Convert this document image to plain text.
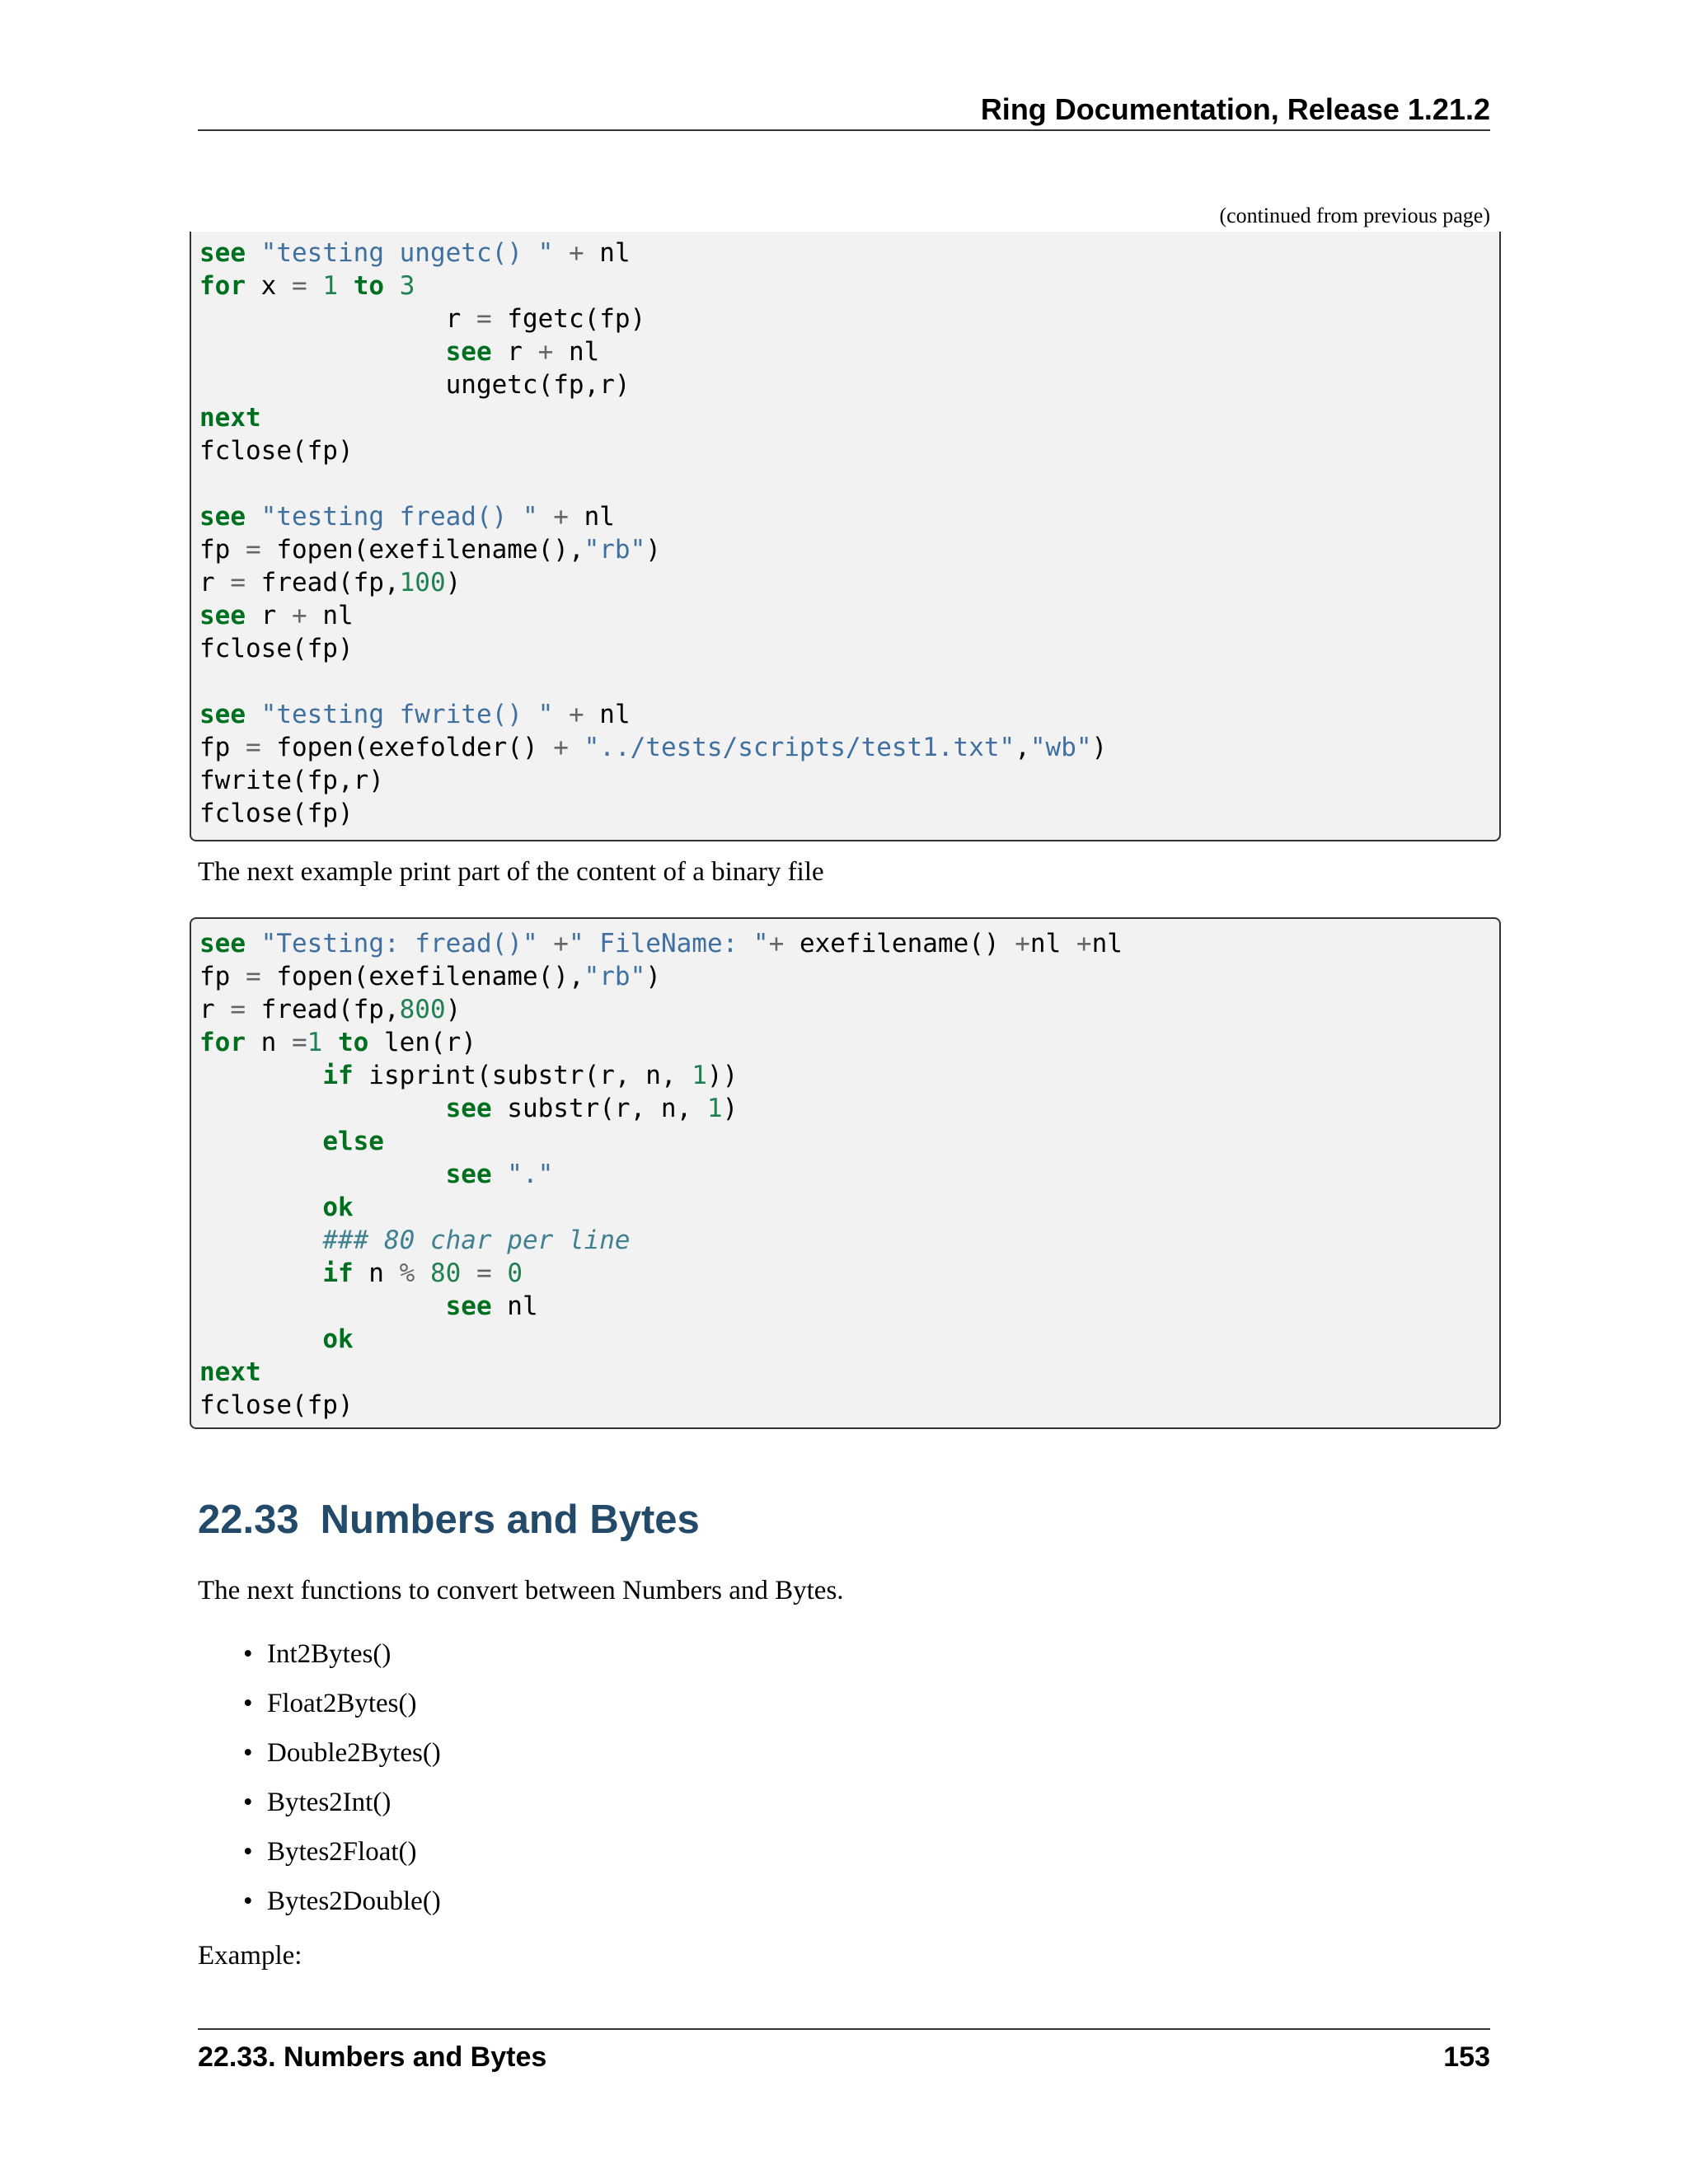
Ring Documentation, Release 1.21.2
(continued from previous page)
see "testing ungetc() " + nl
for x = 1 to 3
r = fgetc(fp)
see r + nl
ungetc(fp,r)
next
fclose(fp)
see "testing fread() " + nl
fp = fopen(exefilename(),"rb")
r = fread(fp,100)
see r + nl
fclose(fp)
see "testing fwrite() " + nl
fp = fopen(exefolder() + "../tests/scripts/test1.txt","wb")
fwrite(fp,r)
fclose(fp)
The next example print part of the content of a binary file
see "Testing: fread()" +" FileName: "+ exefilename() +nl +nl
fp = fopen(exefilename(),"rb")
r = fread(fp,800)
for n =1 to len(r)
if isprint(substr(r, n, 1))
see substr(r, n, 1)
else
see "."
ok
### 80 char per line
if n % 80 = 0
see nl
ok
next
fclose(fp)
22.33 Numbers and Bytes
The next functions to convert between Numbers and Bytes.
• Int2Bytes()
• Float2Bytes()
• Double2Bytes()
• Bytes2Int()
• Bytes2Float()
• Bytes2Double()
Example:
22.33. Numbers and Bytes	153
